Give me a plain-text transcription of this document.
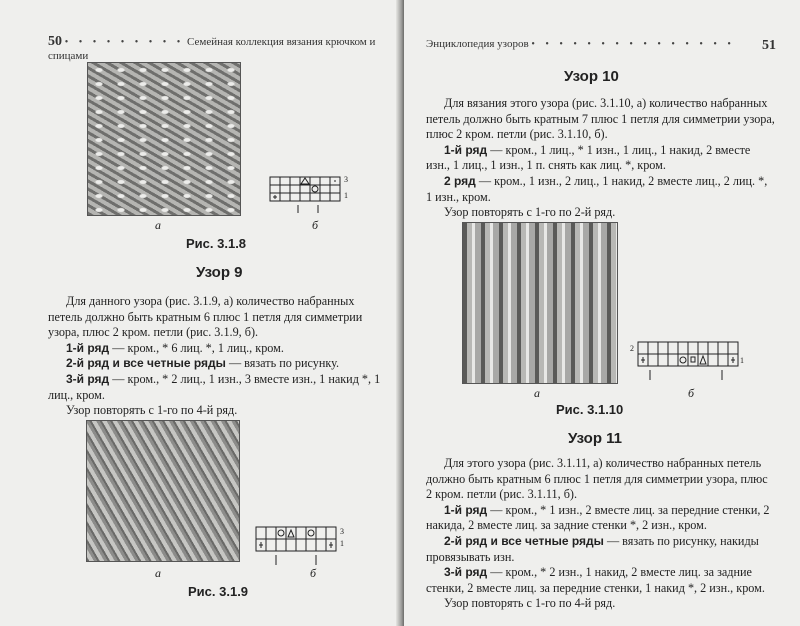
50 • • • • • • • • • Семейная коллекция вязания крючком и спицами
3
1
а	б
Рис. 3.1.8
Узор 9

Для данного узора (рис. 3.1.9, а) количество набранных петель должно быть кратным 6 плюс 1 петля для симметрии узора, плюс 2 кром. петли (рис. 3.1.9, б).

1-й ряд — кром., * 6 лиц. *, 1 лиц., кром.

2-й ряд и все четные ряды — вязать по рисунку.

3-й ряд — кром., * 2 лиц., 1 изн., 3 вместе изн., 1 накид *, 1 лиц., кром.

Узор повторять с 1-го по 4-й ряд.

3
1
а	б
Рис. 3.1.9
Энциклопедия узоров • • • • • • • • • • • • • • • 51
Узор 10

Для вязания этого узора (рис. 3.1.10, а) количество набранных петель должно быть кратным 7 плюс 1 петля для симметрии узора, плюс 2 кром. петли (рис. 3.1.10, б).

1-й ряд — кром., 1 лиц., * 1 изн., 1 лиц., 1 накид, 2 вместе изн., 1 лиц., 1 изн., 1 п. снять как лиц. *, кром.

2 ряд — кром., 1 изн., 2 лиц., 1 накид, 2 вместе лиц., 2 лиц. *, 1 изн., кром.

Узор повторять с 1-го по 2-й ряд.

2
1
а	б
Рис. 3.1.10
Узор 11

Для этого узора (рис. 3.1.11, а) количество набранных петель должно быть кратным 6 плюс 1 петля для симметрии узора, плюс 2 кром. петли (рис. 3.1.11, б).

1-й ряд — кром., * 1 изн., 2 вместе лиц. за передние стенки, 2 накида, 2 вместе лиц. за задние стенки *, 2 изн., кром.

2-й ряд и все четные ряды — вязать по рисунку, накиды провязывать изн.

3-й ряд — кром., * 2 изн., 1 накид, 2 вместе лиц. за задние стенки, 2 вместе лиц. за передние стенки, 1 накид *, 2 изн., кром.

Узор повторять с 1-го по 4-й ряд.
